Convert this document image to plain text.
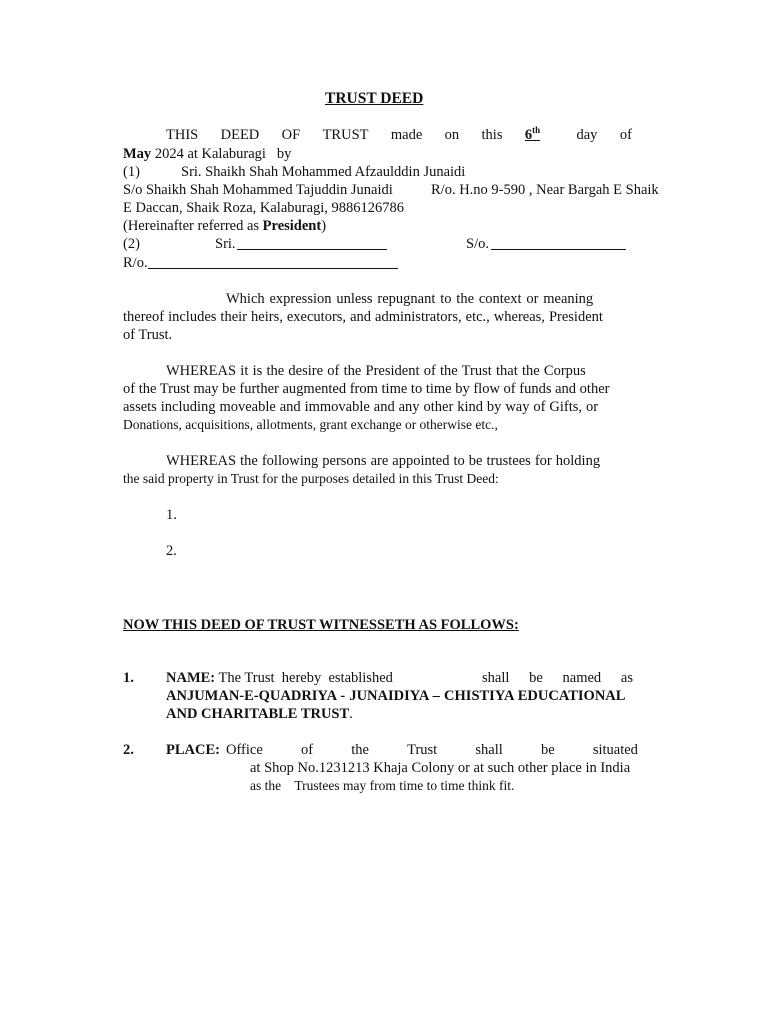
TRUST DEED
THIS DEED OF TRUST made on this 6th	day of
May 2024 at Kalaburagi   by
(1)	Sri. Shaikh Shah Mohammed Afzaulddin Junaidi
S/o Shaikh Shah Mohammed Tajuddin Junaidi	R/o. H.no 9-590 , Near Bargah E Shaik
E Daccan, Shaik Roza, Kalaburagi, 9886126786
(Hereinafter referred as President)
(2)	Sri.	S/o.
R/o.
Which expression unless repugnant to the context or meaning
thereof includes their heirs, executors, and administrators, etc., whereas, President
of Trust.
WHEREAS it is the desire of the President of the Trust that the Corpus
of the Trust may be further augmented from time to time by flow of funds and other
assets including moveable and immovable and any other kind by way of Gifts, or
Donations, acquisitions, allotments, grant exchange or otherwise etc.,
WHEREAS the following persons are appointed to be trustees for holding
the said property in Trust for the purposes detailed in this Trust Deed:
1.
2.
NOW THIS DEED OF TRUST WITNESSETH AS FOLLOWS:
1. NAME: The Trust  hereby  established	shall be named as
ANJUMAN-E-QUADRIYA - JUNAIDIYA – CHISTIYA EDUCATIONAL
AND CHARITABLE TRUST.
2. PLACE: Office	of	the	Trust	shall	be	situated
at Shop No.1231213 Khaja Colony or at such other place in India
as the    Trustees may from time to time think fit.
